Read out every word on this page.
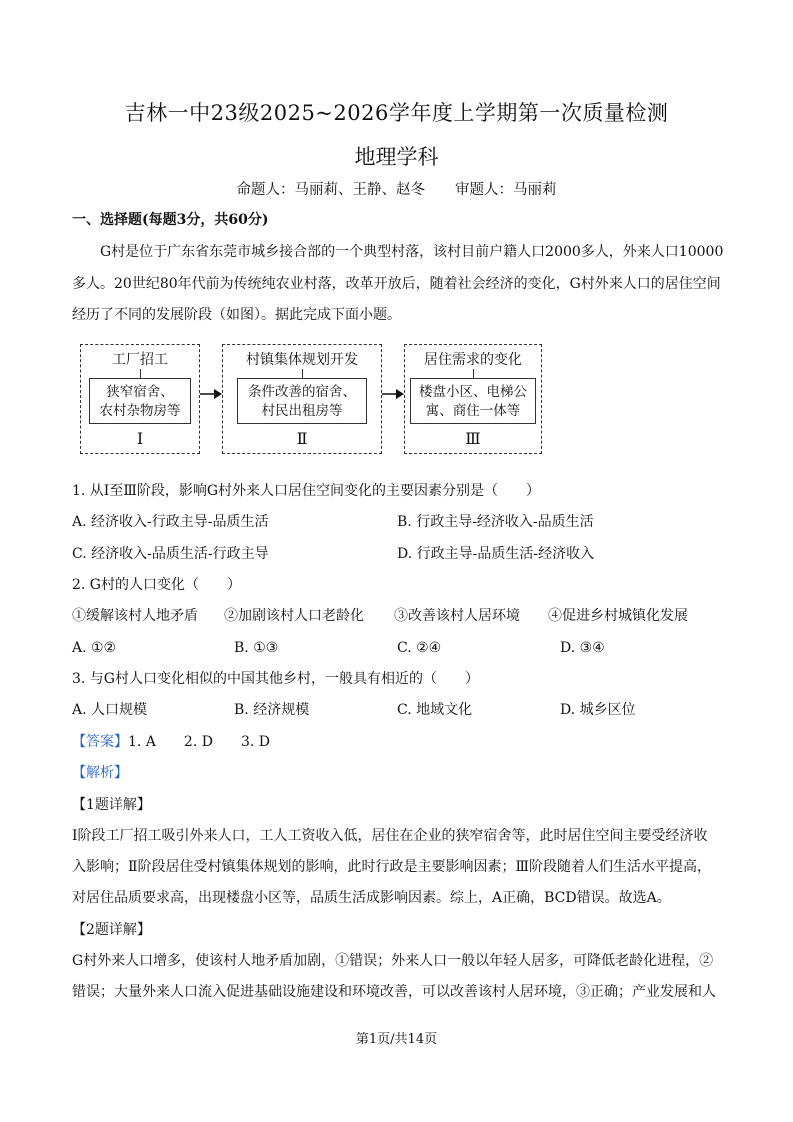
吉林一中23级2025~2026学年度上学期第一次质量检测
地理学科
命题人：马丽莉、王静、赵冬 审题人：马丽莉
一、选择题(每题3分，共60分)
G村是位于广东省东莞市城乡接合部的一个典型村落，该村目前户籍人口2000多人，外来人口10000
多人。20世纪80年代前为传统纯农业村落，改革开放后，随着社会经济的变化，G村外来人口的居住空间
经历了不同的发展阶段（如图）。据此完成下面小题。
工厂招工
狭窄宿舍、
农村杂物房等
Ⅰ
村镇集体规划开发
条件改善的宿舍、
村民出租房等
Ⅱ
居住需求的变化
楼盘小区、电梯公
寓、商住一体等
Ⅲ
1. 从Ⅰ至Ⅲ阶段，影响G村外来人口居住空间变化的主要因素分别是（　　）
A. 经济收入-行政主导-品质生活	B. 行政主导-经济收入-品质生活
C. 经济收入-品质生活-行政主导	D. 行政主导-品质生活-经济收入
2. G村的人口变化（　　）
①缓解该村人地矛盾 ②加剧该村人口老龄化 ③改善该村人居环境 ④促进乡村城镇化发展
A. ①②	B. ①③	C. ②④	D. ③④
3. 与G村人口变化相似的中国其他乡村，一般具有相近的（　　）
A. 人口规模	B. 经济规模	C. 地域文化	D. 城乡区位
【答案】1. A　　2. D　　3. D
【解析】
【1题详解】
Ⅰ阶段工厂招工吸引外来人口，工人工资收入低，居住在企业的狭窄宿舍等，此时居住空间主要受经济收
入影响；Ⅱ阶段居住受村镇集体规划的影响，此时行政是主要影响因素；Ⅲ阶段随着人们生活水平提高，
对居住品质要求高，出现楼盘小区等，品质生活成影响因素。综上，A正确，BCD错误。故选A。
【2题详解】
G村外来人口增多，使该村人地矛盾加剧，①错误；外来人口一般以年轻人居多，可降低老龄化进程，②
错误；大量外来人口流入促进基础设施建设和环境改善，可以改善该村人居环境，③正确；产业发展和人
第1页/共14页
